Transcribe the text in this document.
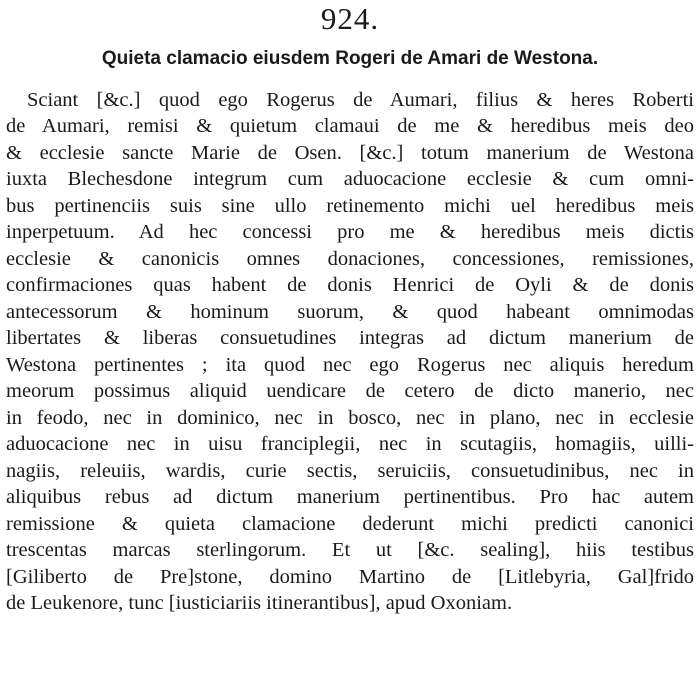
924.
Quieta clamacio eiusdem Rogeri de Amari de Westona.
Sciant [&c.] quod ego Rogerus de Aumari, filius & heres Roberti
de Aumari, remisi & quietum clamaui de me & heredibus meis deo
& ecclesie sancte Marie de Osen. [&c.] totum manerium de Westona
iuxta Blechesdone integrum cum aduocacione ecclesie & cum omni-
bus pertinenciis suis sine ullo retinemento michi uel heredibus meis
inperpetuum. Ad hec concessi pro me & heredibus meis dictis
ecclesie & canonicis omnes donaciones, concessiones, remissiones,
confirmaciones quas habent de donis Henrici de Oyli & de donis
antecessorum & hominum suorum, & quod habeant omnimodas
libertates & liberas consuetudines integras ad dictum manerium de
Westona pertinentes ; ita quod nec ego Rogerus nec aliquis heredum
meorum possimus aliquid uendicare de cetero de dicto manerio, nec
in feodo, nec in dominico, nec in bosco, nec in plano, nec in ecclesie
aduocacione nec in uisu franciplegii, nec in scutagiis, homagiis, uilli-
nagiis, releuiis, wardis, curie sectis, seruiciis, consuetudinibus, nec in
aliquibus rebus ad dictum manerium pertinentibus. Pro hac autem
remissione & quieta clamacione dederunt michi predicti canonici
trescentas marcas sterlingorum. Et ut [&c. sealing], hiis testibus
[Giliberto de Pre]stone, domino Martino de [Litlebyria, Gal]frido
de Leukenore, tunc [iusticiariis itinerantibus], apud Oxoniam.
